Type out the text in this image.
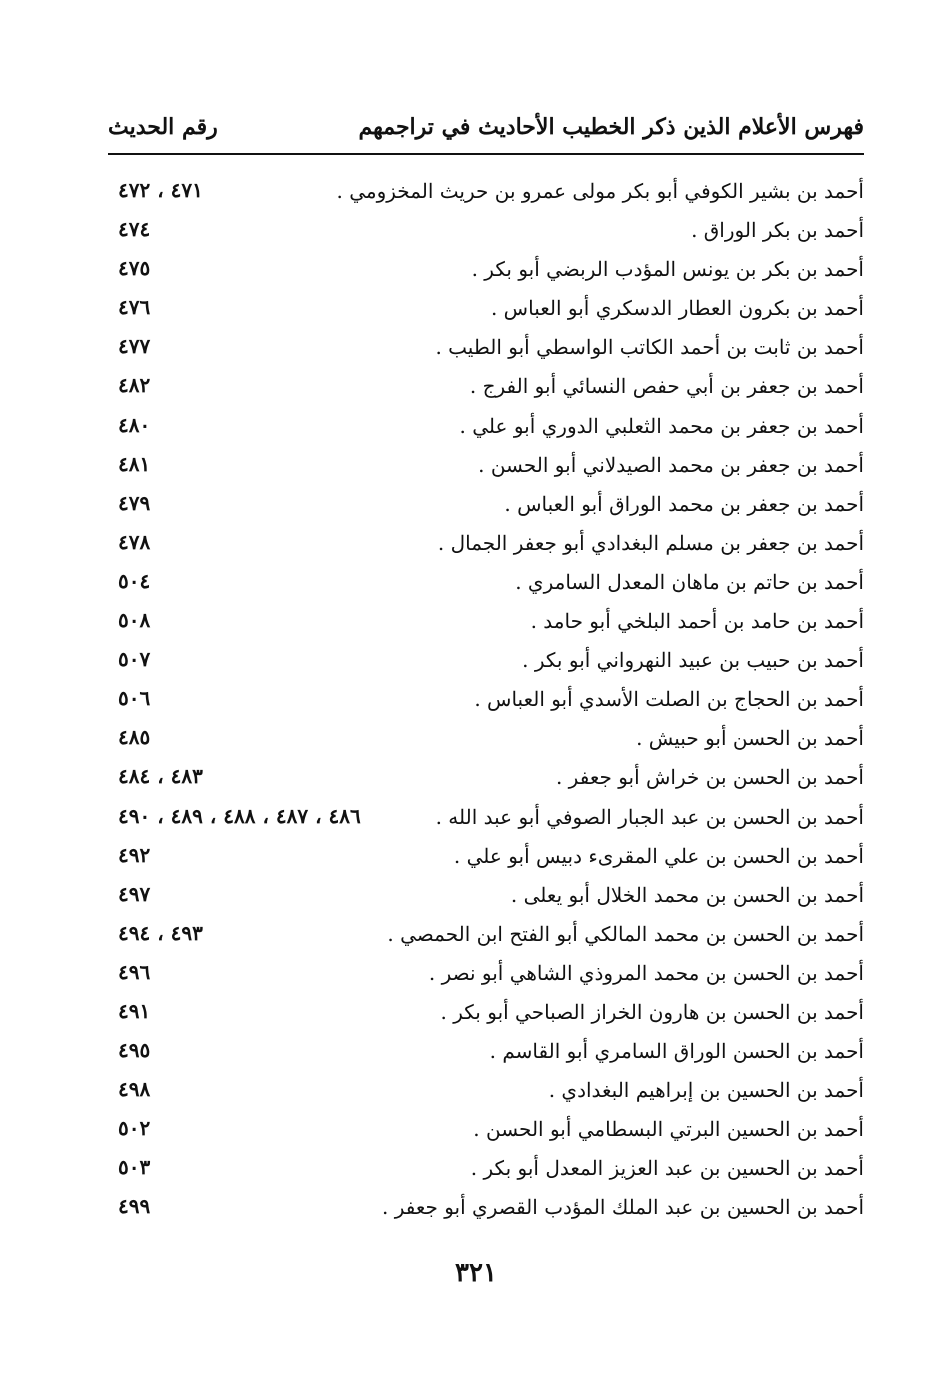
فهرس الأعلام الذين ذكر الخطيب الأحاديث في تراجمهم
رقم الحديث
أحمد بن بشير الكوفي أبو بكر مولى عمرو بن حريث المخزومي .
٤٧١ ، ٤٧٢
أحمد بن بكر الوراق .
٤٧٤
أحمد بن بكر بن يونس المؤدب الربضي أبو بكر .
٤٧٥
أحمد بن بكرون العطار الدسكري أبو العباس .
٤٧٦
أحمد بن ثابت بن أحمد الكاتب الواسطي أبو الطيب .
٤٧٧
أحمد بن جعفر بن أبي حفص النسائي أبو الفرج .
٤٨٢
أحمد بن جعفر بن محمد الثعلبي الدوري أبو علي .
٤٨٠
أحمد بن جعفر بن محمد الصيدلاني أبو الحسن .
٤٨١
أحمد بن جعفر بن محمد الوراق أبو العباس .
٤٧٩
أحمد بن جعفر بن مسلم البغدادي أبو جعفر الجمال .
٤٧٨
أحمد بن حاتم بن ماهان المعدل السامري .
٥٠٤
أحمد بن حامد بن أحمد البلخي أبو حامد .
٥٠٨
أحمد بن حبيب بن عبيد النهرواني أبو بكر .
٥٠٧
أحمد بن الحجاج بن الصلت الأسدي أبو العباس .
٥٠٦
أحمد بن الحسن أبو حبيش .
٤٨٥
أحمد بن الحسن بن خراش أبو جعفر .
٤٨٣ ، ٤٨٤
أحمد بن الحسن بن عبد الجبار الصوفي أبو عبد الله .
٤٨٦ ، ٤٨٧ ، ٤٨٨ ، ٤٨٩ ، ٤٩٠
أحمد بن الحسن بن علي المقرىء دبيس أبو علي .
٤٩٢
أحمد بن الحسن بن محمد الخلال أبو يعلى .
٤٩٧
أحمد بن الحسن بن محمد المالكي أبو الفتح ابن الحمصي .
٤٩٣ ، ٤٩٤
أحمد بن الحسن بن محمد المروذي الشاهي أبو نصر .
٤٩٦
أحمد بن الحسن بن هارون الخراز الصباحي أبو بكر .
٤٩١
أحمد بن الحسن الوراق السامري أبو القاسم .
٤٩٥
أحمد بن الحسين بن إبراهيم البغدادي .
٤٩٨
أحمد بن الحسين البرتي البسطامي أبو الحسن .
٥٠٢
أحمد بن الحسين بن عبد العزيز المعدل أبو بكر .
٥٠٣
أحمد بن الحسين بن عبد الملك المؤدب القصري أبو جعفر .
٤٩٩
٣٢١
